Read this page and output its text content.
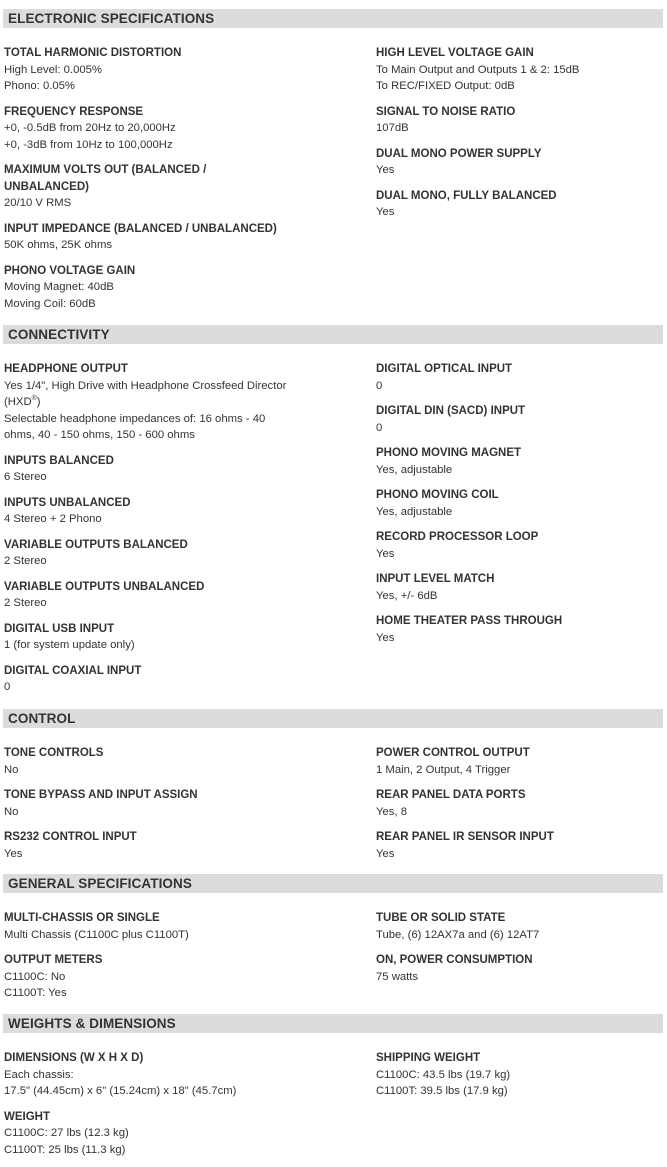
ELECTRONIC SPECIFICATIONS
TOTAL HARMONIC DISTORTION
High Level: 0.005%
Phono: 0.05%
FREQUENCY RESPONSE
+0, -0.5dB from 20Hz to 20,000Hz
+0, -3dB from 10Hz to 100,000Hz
MAXIMUM VOLTS OUT (BALANCED / UNBALANCED)
20/10 V RMS
INPUT IMPEDANCE (BALANCED / UNBALANCED)
50K ohms, 25K ohms
PHONO VOLTAGE GAIN
Moving Magnet: 40dB
Moving Coil: 60dB
HIGH LEVEL VOLTAGE GAIN
To Main Output and Outputs 1 & 2: 15dB
To REC/FIXED Output: 0dB
SIGNAL TO NOISE RATIO
107dB
DUAL MONO POWER SUPPLY
Yes
DUAL MONO, FULLY BALANCED
Yes
CONNECTIVITY
HEADPHONE OUTPUT
Yes 1/4", High Drive with Headphone Crossfeed Director (HXD®)
Selectable headphone impedances of: 16 ohms - 40 ohms, 40 - 150 ohms, 150 - 600 ohms
INPUTS BALANCED
6 Stereo
INPUTS UNBALANCED
4 Stereo + 2 Phono
VARIABLE OUTPUTS BALANCED
2 Stereo
VARIABLE OUTPUTS UNBALANCED
2 Stereo
DIGITAL USB INPUT
1 (for system update only)
DIGITAL COAXIAL INPUT
0
DIGITAL OPTICAL INPUT
0
DIGITAL DIN (SACD) INPUT
0
PHONO MOVING MAGNET
Yes, adjustable
PHONO MOVING COIL
Yes, adjustable
RECORD PROCESSOR LOOP
Yes
INPUT LEVEL MATCH
Yes, +/- 6dB
HOME THEATER PASS THROUGH
Yes
CONTROL
TONE CONTROLS
No
TONE BYPASS AND INPUT ASSIGN
No
RS232 CONTROL INPUT
Yes
POWER CONTROL OUTPUT
1 Main, 2 Output, 4 Trigger
REAR PANEL DATA PORTS
Yes, 8
REAR PANEL IR SENSOR INPUT
Yes
GENERAL SPECIFICATIONS
MULTI-CHASSIS OR SINGLE
Multi Chassis (C1100C plus C1100T)
OUTPUT METERS
C1100C: No
C1100T: Yes
TUBE OR SOLID STATE
Tube, (6) 12AX7a and (6) 12AT7
ON, POWER CONSUMPTION
75 watts
WEIGHTS & DIMENSIONS
DIMENSIONS (W X H X D)
Each chassis:
17.5" (44.45cm) x 6" (15.24cm) x 18" (45.7cm)
WEIGHT
C1100C: 27 lbs (12.3 kg)
C1100T: 25 lbs (11.3 kg)
SHIPPING WEIGHT
C1100C: 43.5 lbs (19.7 kg)
C1100T: 39.5 lbs (17.9 kg)
